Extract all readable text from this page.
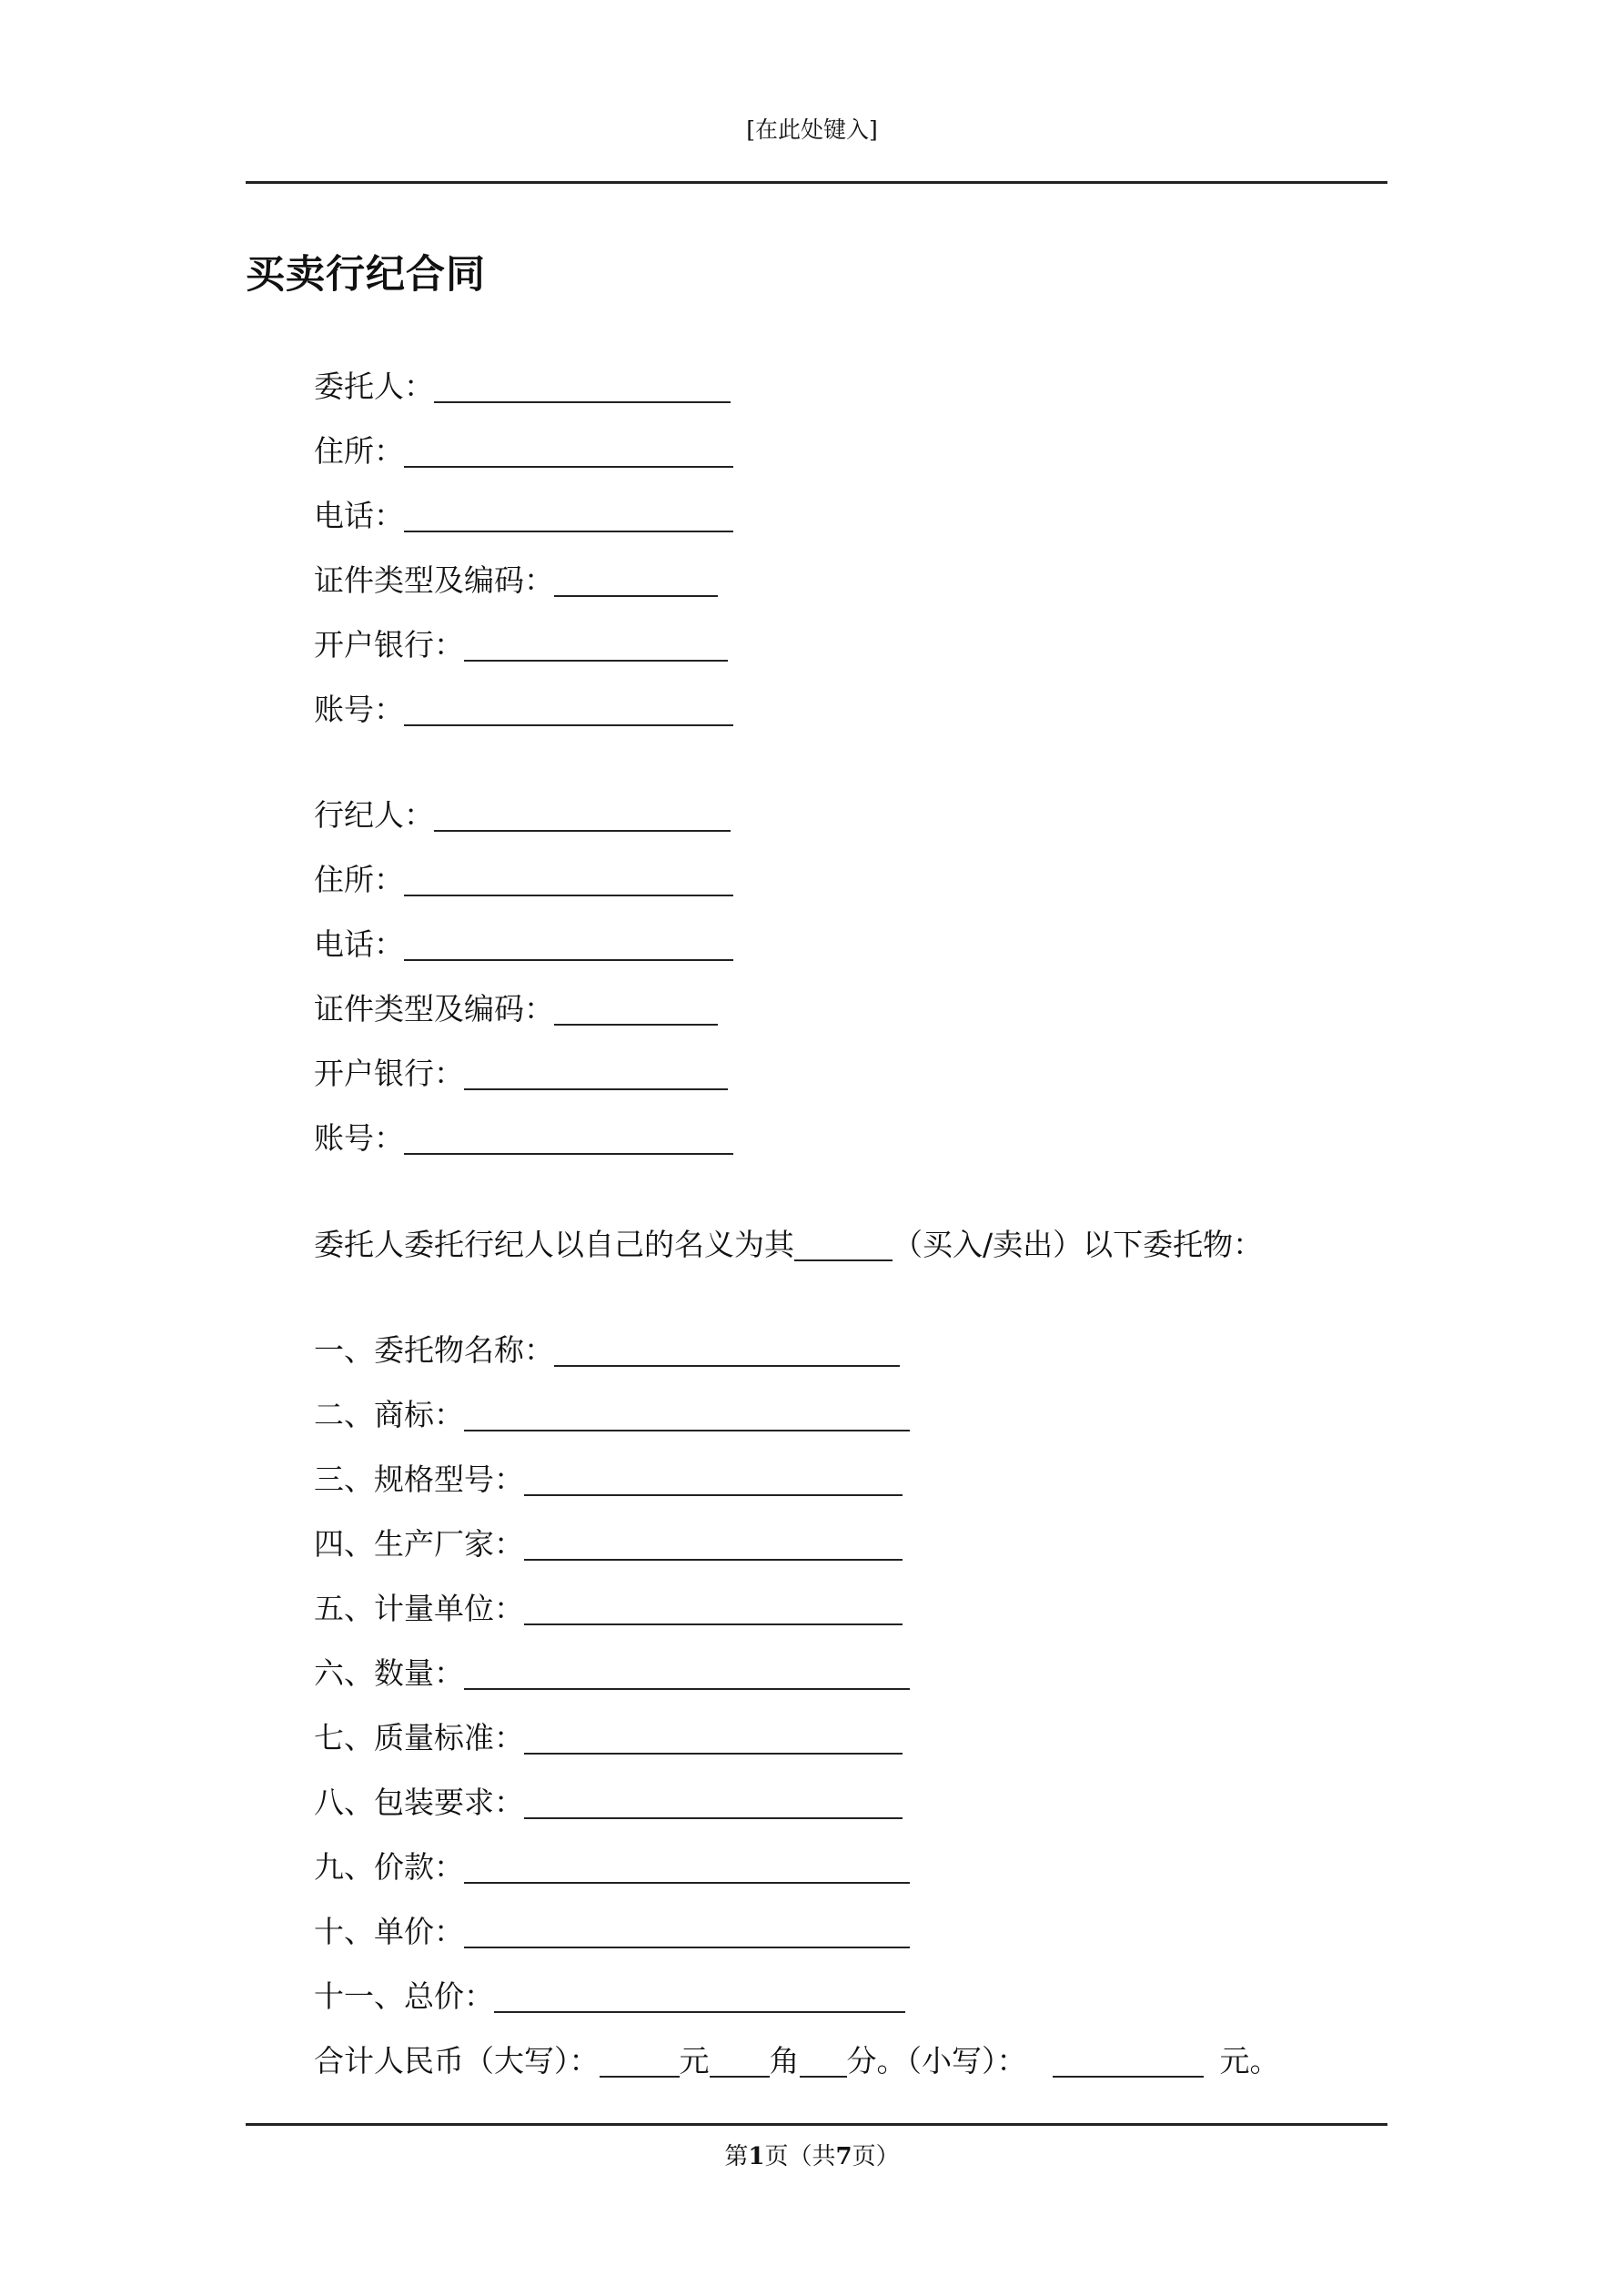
[在此处键入]
买卖行纪合同
委托人：
住所：
电话：
证件类型及编码：
开户银行：
账号：
行纪人：
住所：
电话：
证件类型及编码：
开户银行：
账号：
委托人委托行纪人以自己的名义为其	（买入/卖出）以下委托物：
一、委托物名称：
二、商标：
三、规格型号：
四、生产厂家：
五、计量单位：
六、数量：
七、质量标准：
八、包装要求：
九、价款：
十、单价：
十一、总价：
合计人民币（大写）：	元 角 分。（小写）：	元。
第1页（共7页）
